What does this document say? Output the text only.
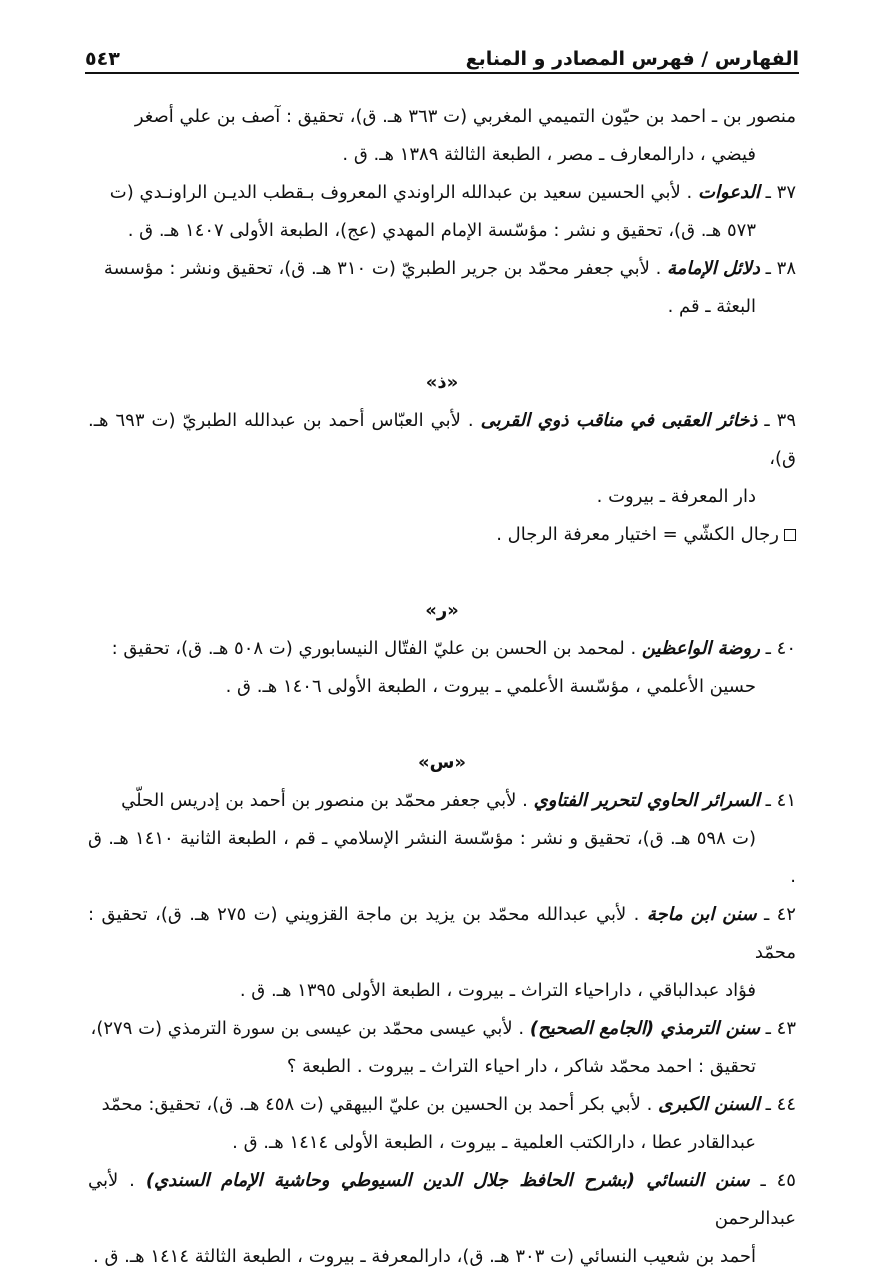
٥٤٣	الفهارس / فهرس المصادر و المنابع

منصور بن ـ احمد بن حيّون التميمي المغربي (ت ٣٦٣ هـ. ق)، تحقيق : آصف بن علي أصغر
فيضي ، دارالمعارف ـ مصر ، الطبعة الثالثة ١٣٨٩ هـ. ق .

٣٧ ـ الدعوات . لأبي الحسين سعيد بن عبدالله الراوندي المعروف بـقطب الديـن الراونـدي (ت
٥٧٣ هـ. ق)، تحقيق و نشر : مؤسّسة الإمام المهدي (عج)، الطبعة الأولى ١٤٠٧ هـ. ق .

٣٨ ـ دلائل الإمامة . لأبي جعفر محمّد بن جرير الطبريّ (ت ٣١٠ هـ. ق)، تحقيق ونشر : مؤسسة
البعثة ـ قم .

«ذ»

٣٩ ـ ذخائر العقبى في مناقب ذوي القربى . لأبي العبّاس أحمد بن عبدالله الطبريّ (ت ٦٩٣ هـ. ق)،
دار المعرفة ـ بيروت .

رجال الكشّي = اختيار معرفة الرجال .

«ر»

٤٠ ـ روضة الواعظين . لمحمد بن الحسن بن عليّ الفتّال النيسابوري (ت ٥٠٨ هـ. ق)، تحقيق :
حسين الأعلمي ، مؤسّسة الأعلمي ـ بيروت ، الطبعة الأولى ١٤٠٦ هـ. ق .

«س»

٤١ ـ السرائر الحاوي لتحرير الفتاوي . لأبي جعفر محمّد بن منصور بن أحمد بن إدريس الحلّي
(ت ٥٩٨ هـ. ق)، تحقيق و نشر : مؤسّسة النشر الإسلامي ـ قم ، الطبعة الثانية ١٤١٠ هـ. ق .

٤٢ ـ سنن ابن ماجة . لأبي عبدالله محمّد بن يزيد بن ماجة القزويني (ت ٢٧٥ هـ. ق)، تحقيق : محمّد
فؤاد عبدالباقي ، داراحياء التراث ـ بيروت ، الطبعة الأولى ١٣٩٥ هـ. ق .

٤٣ ـ سنن الترمذي (الجامع الصحيح) . لأبي عيسى محمّد بن عيسى بن سورة الترمذي (ت ٢٧٩)،
تحقيق : احمد محمّد شاكر ، دار احياء التراث ـ بيروت . الطبعة ؟

٤٤ ـ السنن الكبرى . لأبي بكر أحمد بن الحسين بن عليّ البيهقي (ت ٤٥٨ هـ. ق)، تحقيق: محمّد
عبدالقادر عطا ، دارالكتب العلمية ـ بيروت ، الطبعة الأولى ١٤١٤ هـ. ق .

٤٥ ـ سنن النسائي (بشرح الحافظ جلال الدين السيوطي وحاشية الإمام السندي) . لأبي عبدالرحمن
أحمد بن شعيب النسائي (ت ٣٠٣ هـ. ق)، دارالمعرفة ـ بيروت ، الطبعة الثالثة ١٤١٤ هـ. ق .
